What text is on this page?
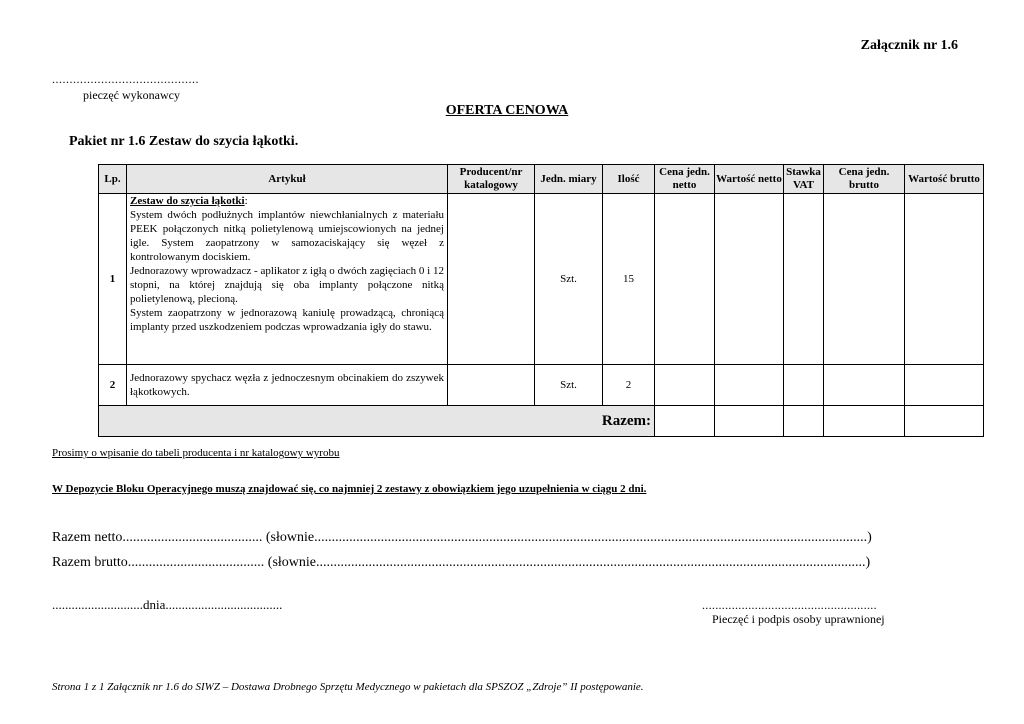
Załącznik nr 1.6
..........................................
pieczęć wykonawcy
OFERTA CENOWA
Pakiet nr 1.6 Zestaw do szycia łąkotki.
Lp.	Artykuł	Producent/nr katalogowy	Jedn. miary	Ilość	Cena jedn. netto	Wartość netto	Stawka VAT	Cena jedn. brutto	Wartość brutto
1	Zestaw do szycia łąkotki:
System dwóch podłużnych implantów niewchłanialnych z materiału PEEK połączonych nitką polietylenową umiejscowionych na jednej igle. System zaopatrzony w samozaciskający się węzeł z kontrolowanym dociskiem.
Jednorazowy wprowadzacz - aplikator z igłą o dwóch zagięciach 0 i 12 stopni, na której znajdują się oba implanty połączone nitką polietylenową, plecioną.
System zaopatrzony w jednorazową kaniulę prowadzącą, chroniącą implanty przed uszkodzeniem podczas wprowadzania igły do stawu.		Szt.	15					
2	Jednorazowy spychacz węzła z jednoczesnym obcinakiem do zszywek łąkotkowych.		Szt.	2					
Razem:									
Prosimy o wpisanie do tabeli producenta i nr katalogowy wyrobu
W Depozycie Bloku Operacyjnego muszą znajdować się, co najmniej 2 zestawy z obowiązkiem jego uzupełnienia w ciągu 2 dni.
Razem netto........................................ (słownie..............................................................................................................................................................)
Razem brutto....................................... (słownie.............................................................................................................................................................)
............................dnia....................................	.....................................................
Pieczęć i podpis osoby uprawnionej
Strona 1 z 1 Załącznik nr 1.6 do SIWZ – Dostawa Drobnego Sprzętu Medycznego w pakietach dla SPSZOZ „Zdroje” II postępowanie.
